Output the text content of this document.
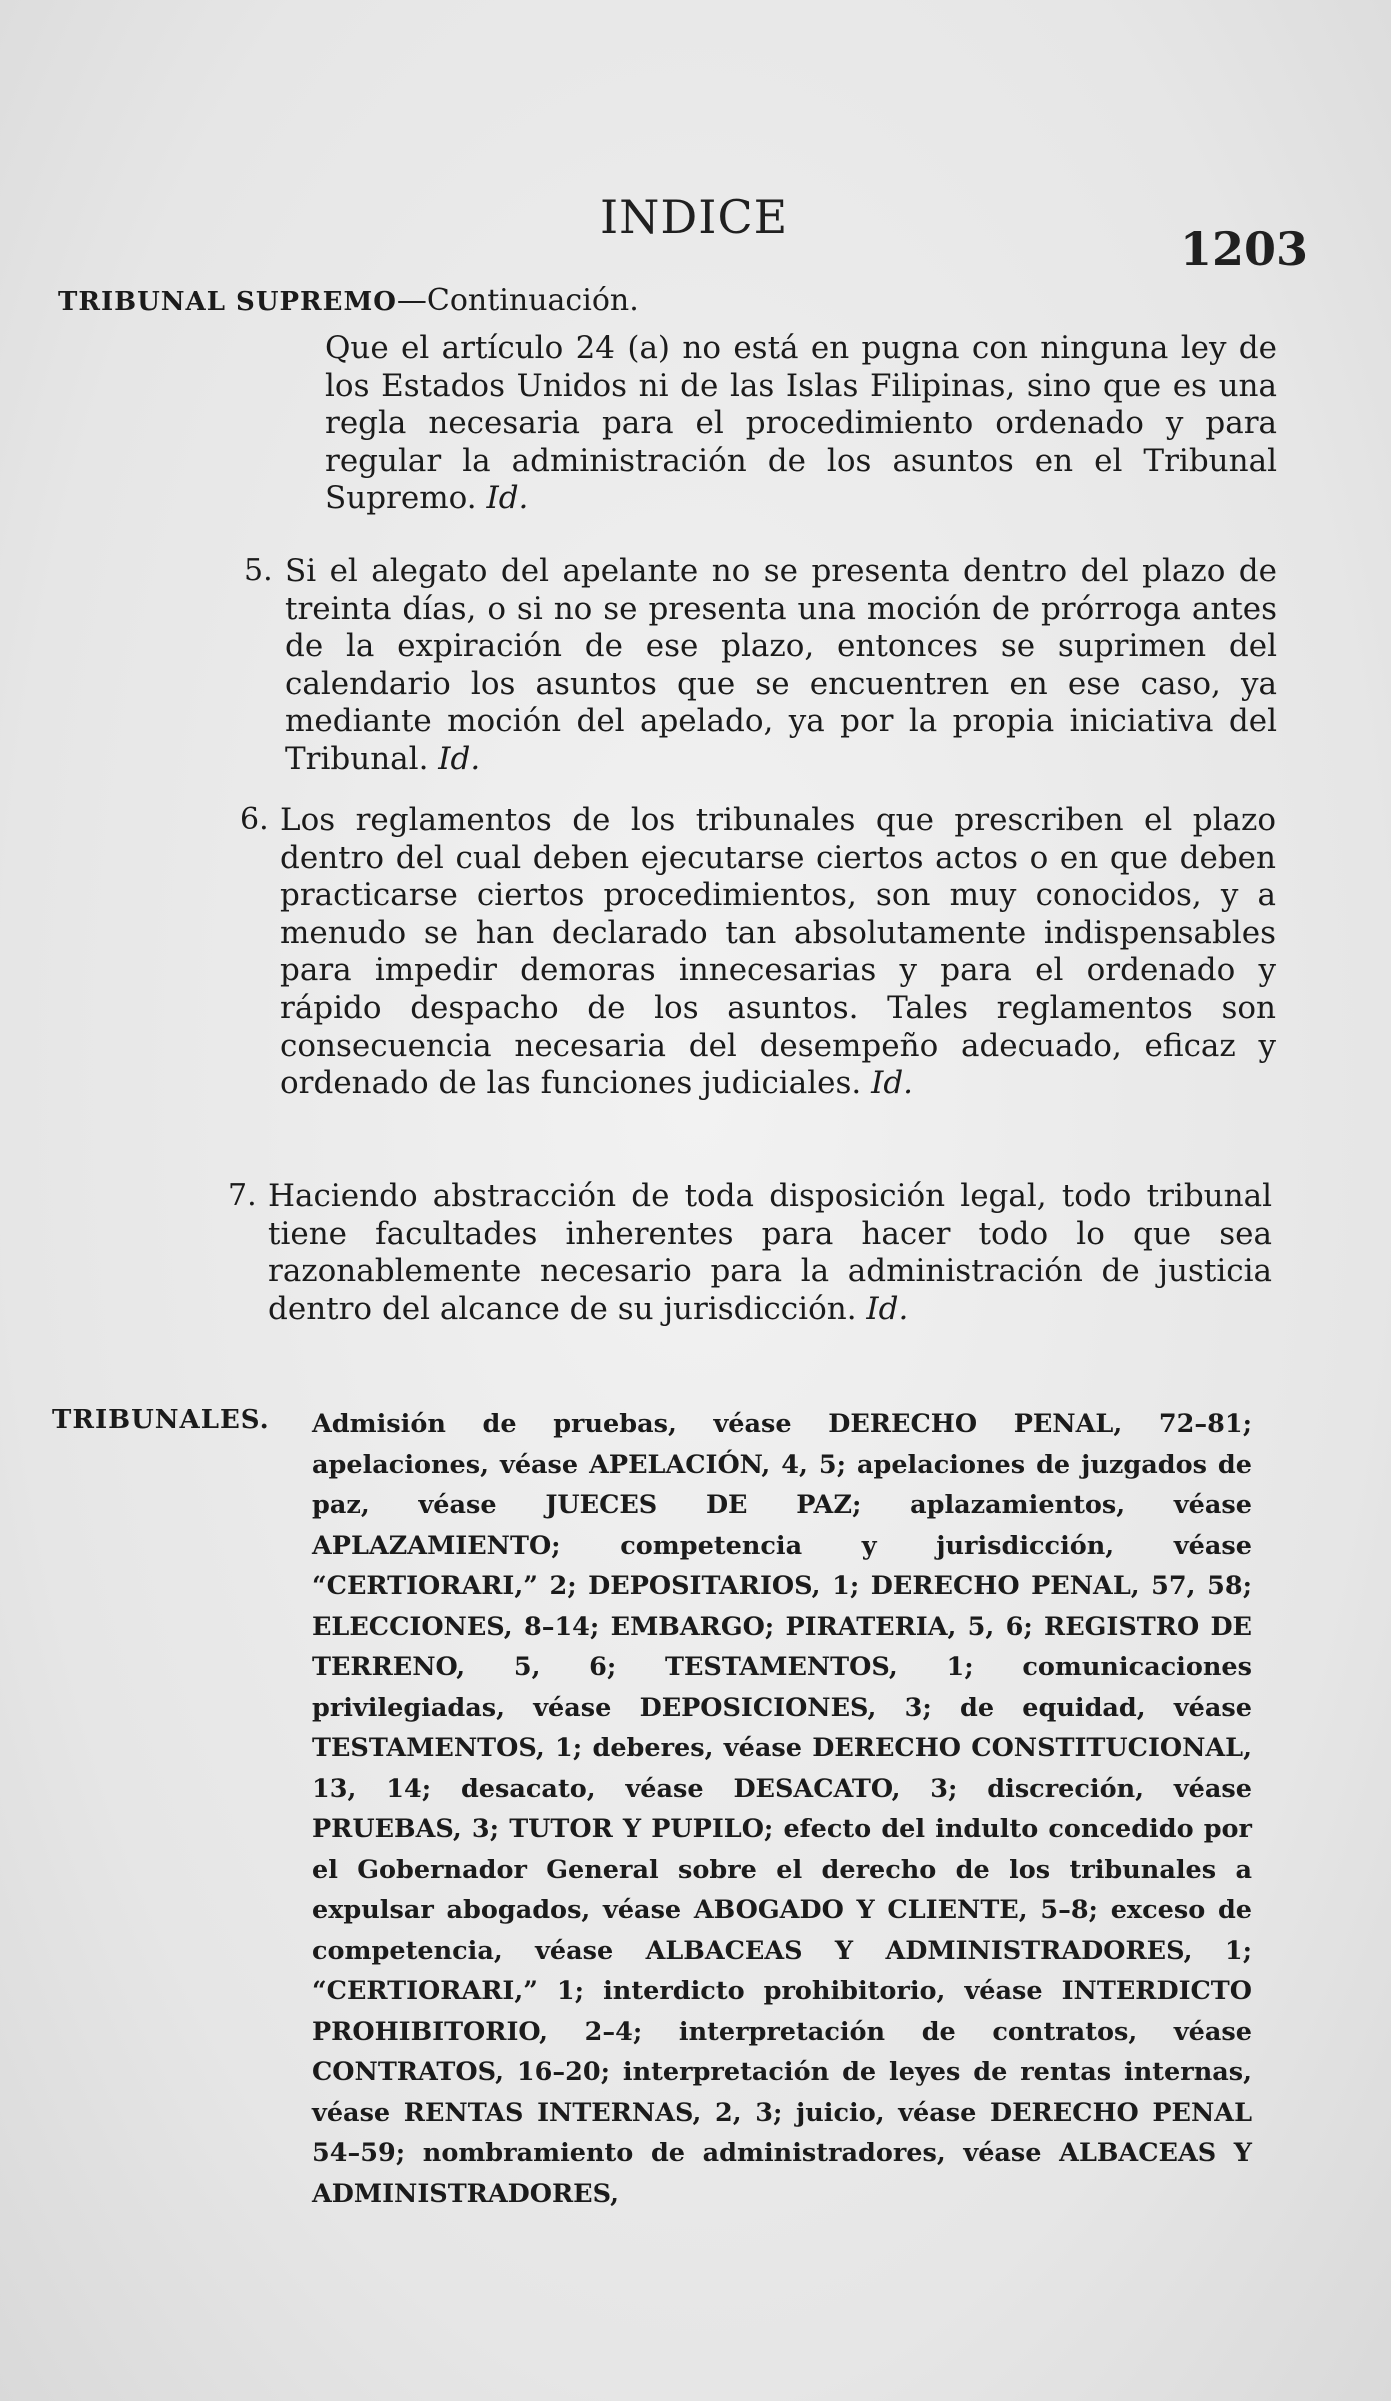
INDICE
1203
TRIBUNAL SUPREMO—Continuación.

Que el artículo 24 (a) no está en pugna con ninguna ley de los Estados Unidos ni de las Islas Filipinas, sino que es una regla necesaria para el procedimiento ordenado y para regular la administración de los asuntos en el Tribunal Supremo. Id.

5. Si el alegato del apelante no se presenta dentro del plazo de treinta días, o si no se presenta una moción de prórroga antes de la expiración de ese plazo, entonces se suprimen del calendario los asuntos que se encuentren en ese caso, ya mediante moción del apelado, ya por la propia iniciativa del Tribunal. Id.

6. Los reglamentos de los tribunales que prescriben el plazo dentro del cual deben ejecutarse ciertos actos o en que deben practicarse ciertos procedimientos, son muy conocidos, y a menudo se han declarado tan absolutamente indispensables para impedir demoras innecesarias y para el ordenado y rápido despacho de los asuntos. Tales reglamentos son consecuencia necesaria del desempeño adecuado, eficaz y ordenado de las funciones judiciales. Id.

7. Haciendo abstracción de toda disposición legal, todo tribunal tiene facultades inherentes para hacer todo lo que sea razonablemente necesario para la administración de justicia dentro del alcance de su jurisdicción. Id.

TRIBUNALES. Admisión de pruebas, véase DERECHO PENAL, 72–81; apelaciones, véase APELACIÓN, 4, 5; apelaciones de juzgados de paz, véase JUECES DE PAZ; aplazamientos, véase APLAZAMIENTO; competencia y jurisdicción, véase “CERTIORARI,” 2; DEPOSITARIOS, 1; DERECHO PENAL, 57, 58; ELECCIONES, 8–14; EMBARGO; PIRATERIA, 5, 6; REGISTRO DE TERRENO, 5, 6; TESTAMENTOS, 1; comunicaciones privilegiadas, véase DEPOSICIONES, 3; de equidad, véase TESTAMENTOS, 1; deberes, véase DERECHO CONSTITUCIONAL, 13, 14; desacato, véase DESACATO, 3; discreción, véase PRUEBAS, 3; TUTOR Y PUPILO; efecto del indulto concedido por el Gobernador General sobre el derecho de los tribunales a expulsar abogados, véase ABOGADO Y CLIENTE, 5–8; exceso de competencia, véase ALBACEAS Y ADMINISTRADORES, 1; “CERTIORARI,” 1; interdicto prohibitorio, véase INTERDICTO PROHIBITORIO, 2–4; interpretación de contratos, véase CONTRATOS, 16–20; interpretación de leyes de rentas internas, véase RENTAS INTERNAS, 2, 3; juicio, véase DERECHO PENAL 54–59; nombramiento de administradores, véase ALBACEAS Y ADMINISTRADORES,
